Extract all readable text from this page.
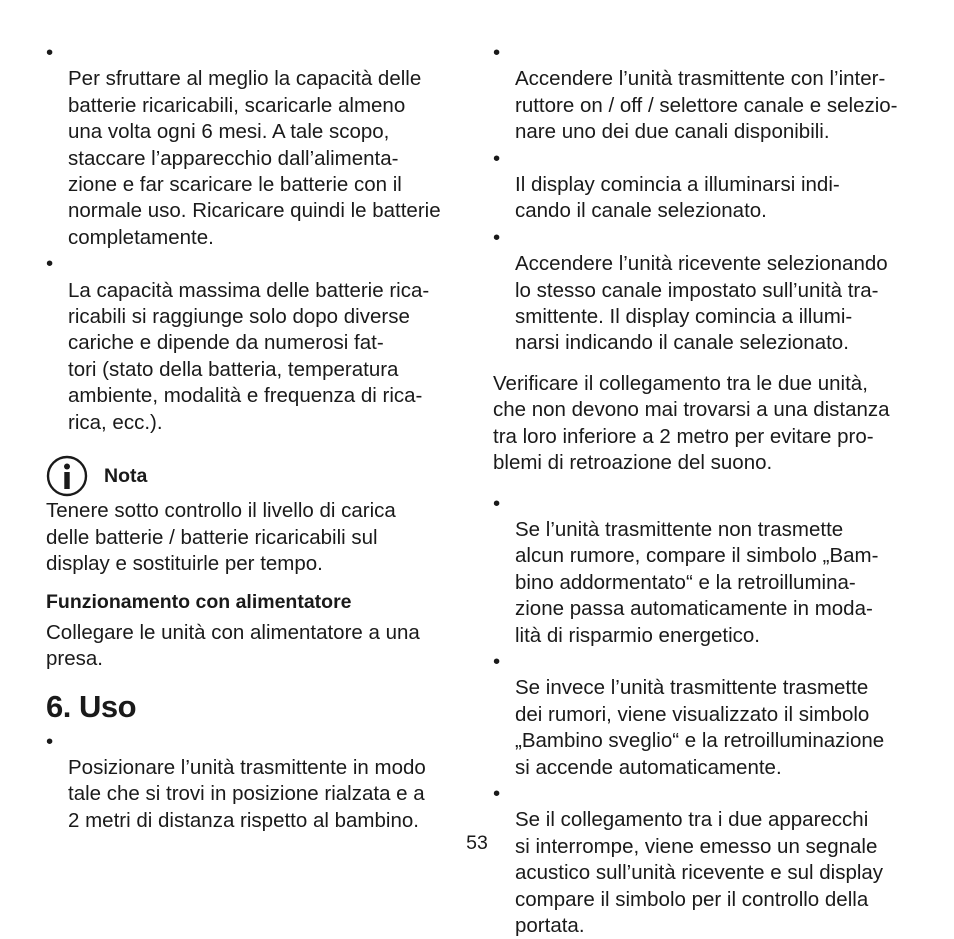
•
Per sfruttare al meglio la capacità delle
batterie ricaricabili, scaricarle almeno
una volta ogni 6 mesi. A tale scopo,
staccare l’apparecchio dall’alimenta-
zione e far scaricare le batterie con il
normale uso. Ricaricare quindi le batterie
completamente.

•
La capacità massima delle batterie rica-
ricabili si raggiunge solo dopo diverse
cariche e dipende da numerosi fat-
tori (stato della batteria, temperatura
ambiente, modalità e frequenza di rica-
rica, ecc.).

Nota

Tenere sotto controllo il livello di carica
delle batterie / batterie ricaricabili sul
display e sostituirle per tempo.

Funzionamento con alimentatore

Collegare le unità con alimentatore a una
presa.

6. Uso

•
Posizionare l’unità trasmittente in modo
tale che si trovi in posizione rialzata e a
2 metri di distanza rispetto al bambino.

•
Accendere l’unità trasmittente con l’inter-
ruttore on / off / selettore canale e selezio-
nare uno dei due canali disponibili.

•
Il display comincia a illuminarsi indi-
cando il canale selezionato.

•
Accendere l’unità ricevente selezionando
lo stesso canale impostato sull’unità tra-
smittente. Il display comincia a illumi-
narsi indicando il canale selezionato.

Verificare il collegamento tra le due unità,
che non devono mai trovarsi a una distanza
tra loro inferiore a 2 metro per evitare pro-
blemi di retroazione del suono.

•
Se l’unità trasmittente non trasmette
alcun rumore, compare il simbolo „Bam-
bino addormentato“ e la retroillumina-
zione passa automaticamente in moda-
lità di risparmio energetico.

•
Se invece l’unità trasmittente trasmette
dei rumori, viene visualizzato il simbolo
„Bambino sveglio“ e la retroilluminazione
si accende automaticamente.

•
Se il collegamento tra i due apparecchi
si interrompe, viene emesso un segnale
acustico sull’unità ricevente e sul display
compare il simbolo per il controllo della
portata.

53
